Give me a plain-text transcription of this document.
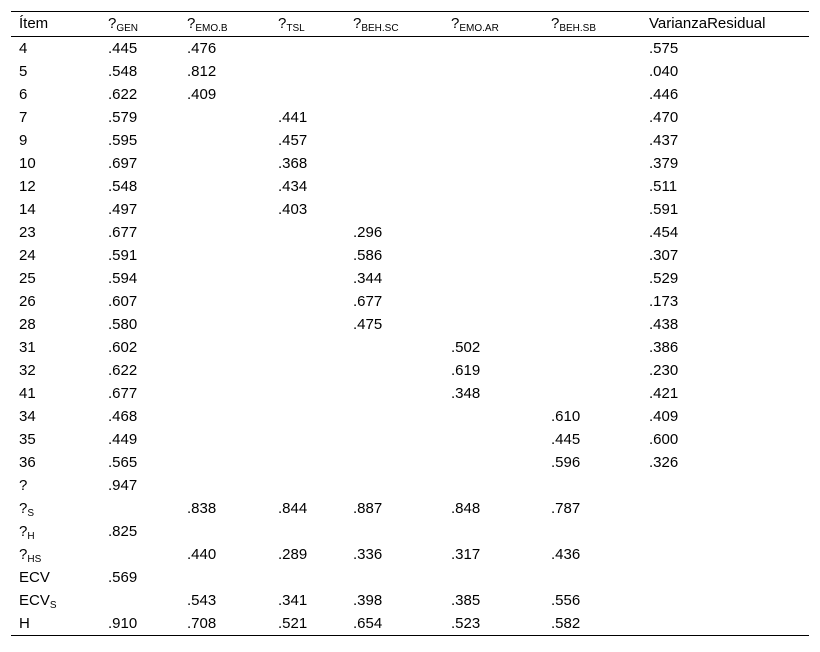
Ítem	$?_{GEN}$	$?_{EMO.B}$	$?_{TSL}$	$?_{BEH.SC}$	$?_{EMO.AR}$	$?_{BEH.SB}$	VarianzaResidual
4	.445	.476					.575
5	.548	.812					.040
6	.622	.409					.446
7	.579		.441				.470
9	.595		.457				.437
10	.697		.368				.379
12	.548		.434				.511
14	.497		.403				.591
23	.677			.296			.454
24	.591			.586			.307
25	.594			.344			.529
26	.607			.677			.173
28	.580			.475			.438
31	.602				.502		.386
32	.622				.619		.230
41	.677				.348		.421
34	.468					.610	.409
35	.449					.445	.600
36	.565					.596	.326
?	.947						
$?_S$		.838	.844	.887	.848	.787	
$?_H$	.825						
$?_{HS}$		.440	.289	.336	.317	.436	
ECV	.569						
$ECV_S$		.543	.341	.398	.385	.556	
H	.910	.708	.521	.654	.523	.582	
